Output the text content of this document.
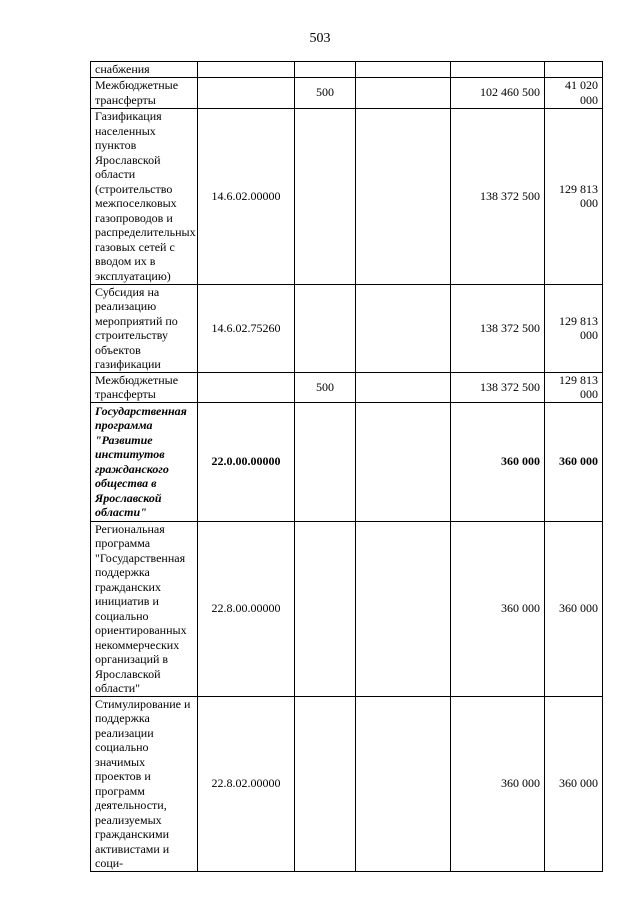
503
снабжения					
Межбюджетные трансферты		500		102 460 500	41 020 000
Газификация населенных пунктов Ярославской области (строительство межпоселковых газопроводов и распределительных газовых сетей с вводом их в эксплуатацию)	14.6.02.00000			138 372 500	129 813 000
Субсидия на реализацию мероприятий по строительству объектов газификации	14.6.02.75260			138 372 500	129 813 000
Межбюджетные трансферты		500		138 372 500	129 813 000
Государственная программа "Развитие институтов гражданского общества в Ярославской области"	22.0.00.00000			360 000	360 000
Региональная программа "Государственная поддержка гражданских инициатив и социально ориентированных некоммерческих организаций в Ярославской области"	22.8.00.00000			360 000	360 000
Стимулирование и поддержка реализации социально значимых проектов и программ деятельности, реализуемых гражданскими активистами и соци-	22.8.02.00000			360 000	360 000
